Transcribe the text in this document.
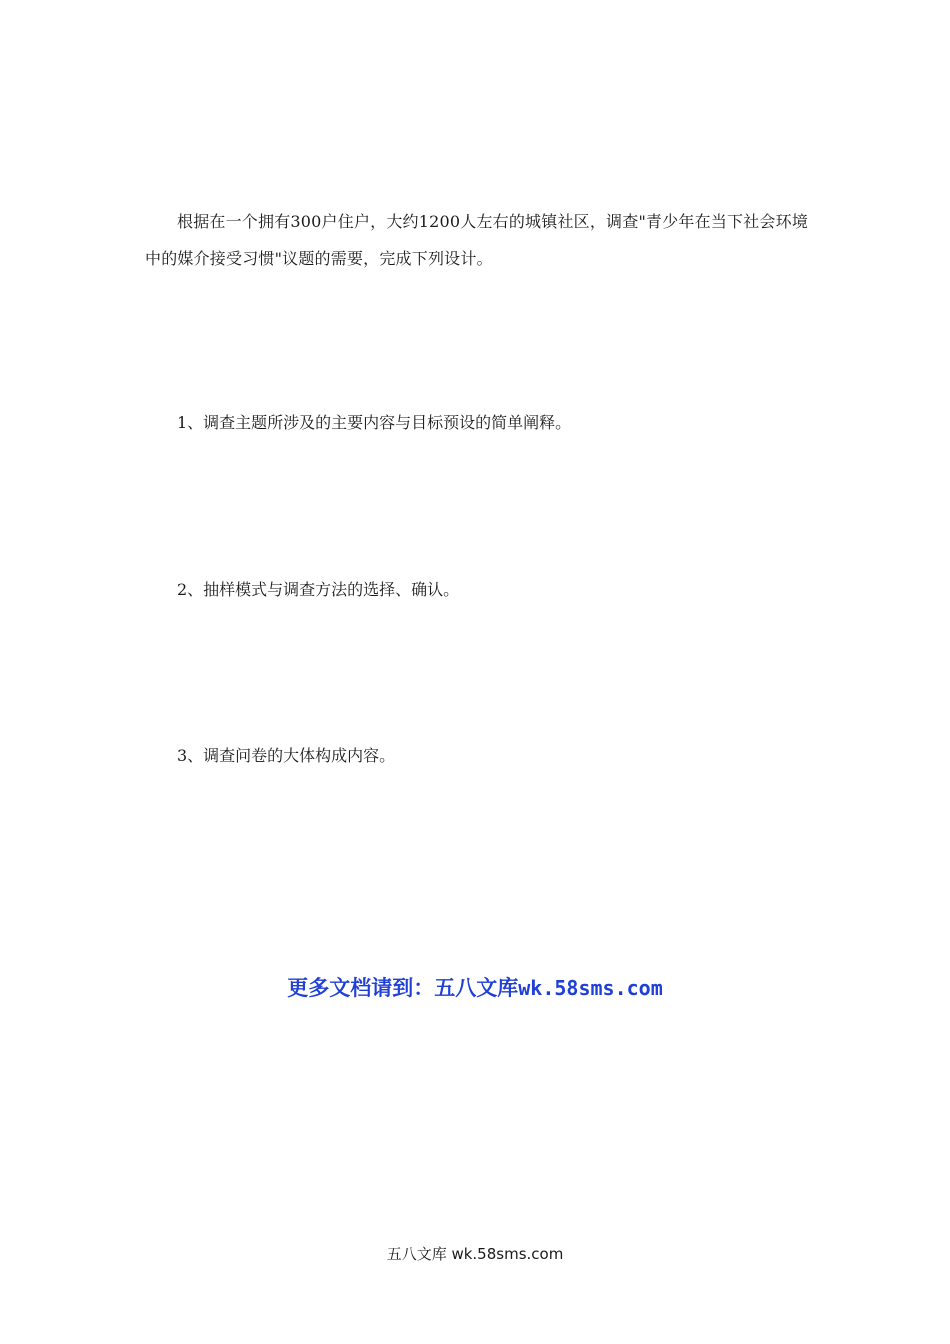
根据在一个拥有300户住户，大约1200人左右的城镇社区，调查"青少年在当下社会环境中的媒介接受习惯"议题的需要，完成下列设计。

1、调查主题所涉及的主要内容与目标预设的简单阐释。
2、抽样模式与调查方法的选择、确认。
3、调查问卷的大体构成内容。
更多文档请到：五八文库wk.58sms.com
五八文库 wk.58sms.com
